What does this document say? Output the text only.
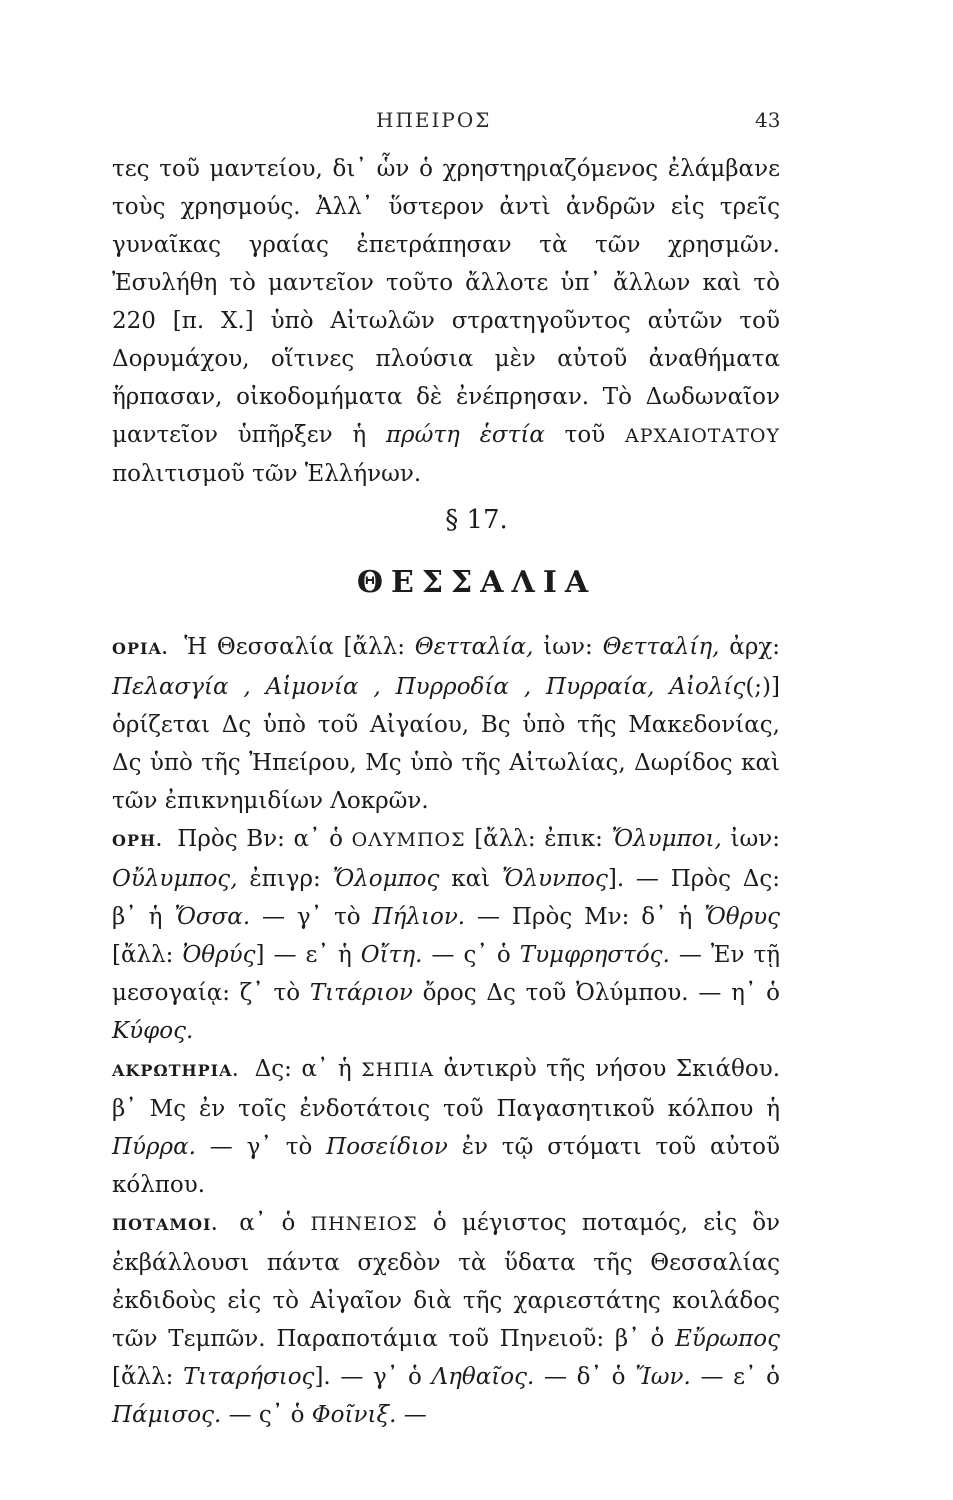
ΗΠΕΙΡΟΣ	43
τες τοῦ μαντείου, δι᾽ ὧν ὁ χρηστηριαζόμενος ἐλάμβανε τοὺς χρησμούς. Ἀλλ᾽ ὕστερον ἀντὶ ἀνδρῶν εἰς τρεῖς γυναῖκας γραίας ἐπετράπησαν τὰ τῶν χρησμῶν. Ἐσυλήθη τὸ μαντεῖον τοῦτο ἄλλοτε ὑπ᾽ ἄλλων καὶ τὸ 220 [π. Χ.] ὑπὸ Αἰτωλῶν στρατηγοῦντος αὐτῶν τοῦ Δορυμάχου, οἵτινες πλούσια μὲν αὐτοῦ ἀναθήματα ἥρπασαν, οἰκοδομήματα δὲ ἐνέπρησαν. Τὸ Δωδωναῖον μαντεῖον ὑπῆρξεν ἡ πρώτη ἑστία τοῦ ΑΡΧΑΙΟΤΑΤΟΥ πολιτισμοῦ τῶν Ἑλλήνων.
§ 17.
ΘΕΣΣΑΛΙΑ

ΟΡΙΑ. Ἡ Θεσσαλία [ἄλλ: Θετταλία, ἰων: Θετταλίη, ἀρχ: Πελασγία , Αἱμονία , Πυρροδία , Πυρραία, Αἰολίς(;)] ὁρίζεται Δς ὑπὸ τοῦ Αἰγαίου, Βς ὑπὸ τῆς Μακεδονίας, Δς ὑπὸ τῆς Ἠπείρου, Μς ὑπὸ τῆς Αἰτωλίας, Δωρίδος καὶ τῶν ἐπικνημιδίων Λοκρῶν.

ΟΡΗ. Πρὸς Βν: α᾽ ὁ ΟΛΥΜΠΟΣ [ἄλλ: ἐπικ: Ὄλυμποι, ἰων: Οὔλυμπος, ἐπιγρ: Ὄλομπος καὶ Ὄλυνπος]. — Πρὸς Δς: β᾽ ἡ Ὄσσα. — γ᾽ τὸ Πήλιον. — Πρὸς Μν: δ᾽ ἡ Ὄθρυς [ἄλλ: Ὀθρύς] — ε᾽ ἡ Οἴτη. — ς᾽ ὁ Τυμφρηστός. — Ἐν τῇ μεσογαίᾳ: ζ᾽ τὸ Τιτάριον ὄρος Δς τοῦ Ὀλύμπου. — η᾽ ὁ Κύφος.

ΑΚΡΩΤΗΡΙΑ. Δς: α᾽ ἡ ΣΗΠΙΑ ἀντικρὺ τῆς νήσου Σκιάθου. β᾽ Μς ἐν τοῖς ἐνδοτάτοις τοῦ Παγασητικοῦ κόλπου ἡ Πύρρα. — γ᾽ τὸ Ποσείδιον ἐν τῷ στόματι τοῦ αὐτοῦ κόλπου.

ΠΟΤΑΜΟΙ. α᾽ ὁ ΠΗΝΕΙΟΣ ὁ μέγιστος ποταμός, εἰς ὃν ἐκβάλλουσι πάντα σχεδὸν τὰ ὕδατα τῆς Θεσσαλίας ἐκδιδοὺς εἰς τὸ Αἰγαῖον διὰ τῆς χαριεστάτης κοιλάδος τῶν Τεμπῶν. Παραποτάμια τοῦ Πηνειοῦ: β᾽ ὁ Εὔρωπος [ἄλλ: Τιταρήσιος]. — γ᾽ ὁ Ληθαῖος. — δ᾽ ὁ Ἴων. — ε᾽ ὁ Πάμισος. — ς᾽ ὁ Φοῖνιξ. —
